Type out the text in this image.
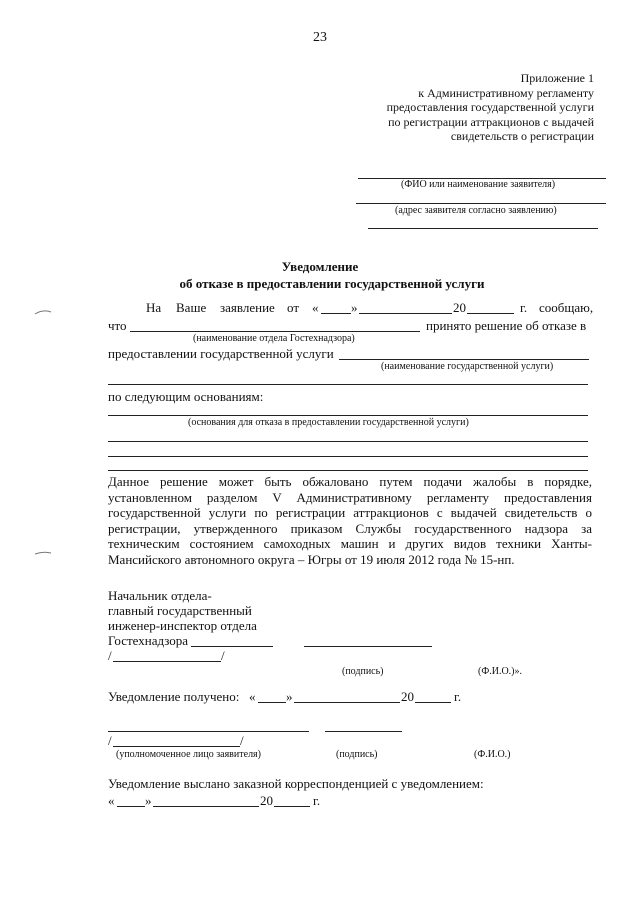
23
Приложение 1
к Административному регламенту
предоставления государственной услуги
по регистрации аттракционов с выдачей
свидетельств о регистрации
(ФИО или наименование заявителя)
(адрес заявителя согласно заявлению)
Уведомление
об отказе в предоставлении государственной услуги
На Ваше заявление от «	»	20	г. сообщаю,
что	принято решение об отказе в
(наименование отдела Гостехнадзора)
предоставлении государственной услуги
(наименование государственной услуги)
по следующим основаниям:
(основания для отказа в предоставлении государственной услуги)
Данное решение может быть обжаловано путем подачи жалобы в порядке, установленном разделом V Административному регламенту предоставления государственной услуги по регистрации аттракционов с выдачей свидетельств о регистрации, утвержденного приказом Службы государственного надзора за техническим состоянием самоходных машин и других видов техники Ханты-Мансийского автономного округа – Югры от 19 июля 2012 года № 15-нп.
Начальник отдела-
главный государственный
инженер-инспектор отдела
Гостехнадзора
/	/
(подпись)	(Ф.И.О.)».
Уведомление получено: « »	20	г.
/	/
(уполномоченное лицо заявителя)	(подпись)	(Ф.И.О.)
Уведомление выслано заказной корреспонденцией с уведомлением:
« »	20	г.
